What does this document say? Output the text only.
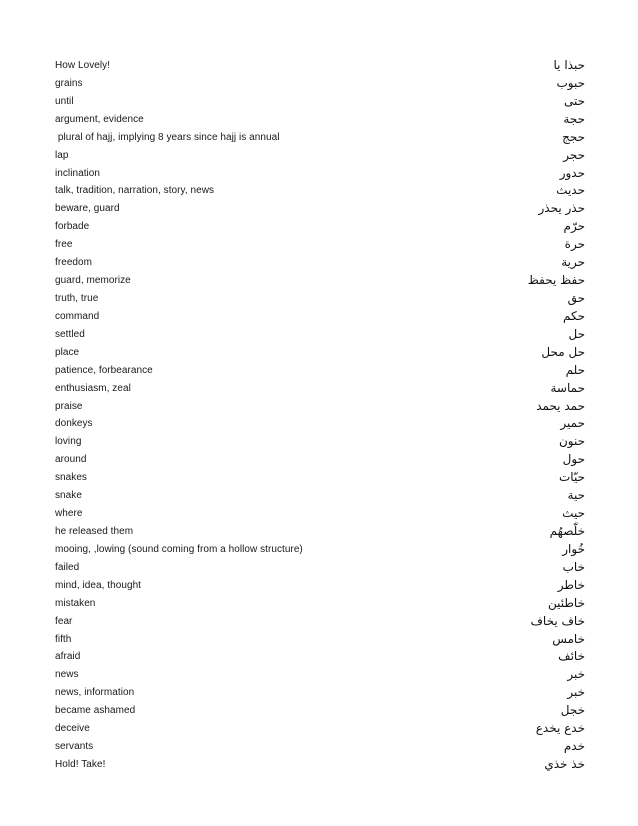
How Lovely!	حبذا يا
grains	حبوب
until	حتى
argument, evidence	حجة
plural of hajj, implying 8 years since hajj is annual	حجج
lap	حجر
inclination	حدور
talk, tradition, narration, story, news	حديث
beware, guard	حذر يحذر
forbade	حرّم
free	حرة
freedom	حرية
guard, memorize	حفظ يحفظ
truth, true	حق
command	حكم
settled	حل
place	حل محل
patience, forbearance	حلم
enthusiasm, zeal	حماسة
praise	حمد يحمد
donkeys	حمير
loving	حنون
around	حول
snakes	حيّات
snake	حية
where	حيث
he released them	خلّصهُم
mooing, ,lowing (sound coming from a hollow structure)	خُوار
failed	خاب
mind, idea, thought	خاطر
mistaken	خاطئين
fear	خاف يخاف
fifth	خامس
afraid	خائف
news	خبر
news, information	خبر
became ashamed	خجل
deceive	خدع يخدع
servants	خدم
Hold! Take!	خذ خذي
